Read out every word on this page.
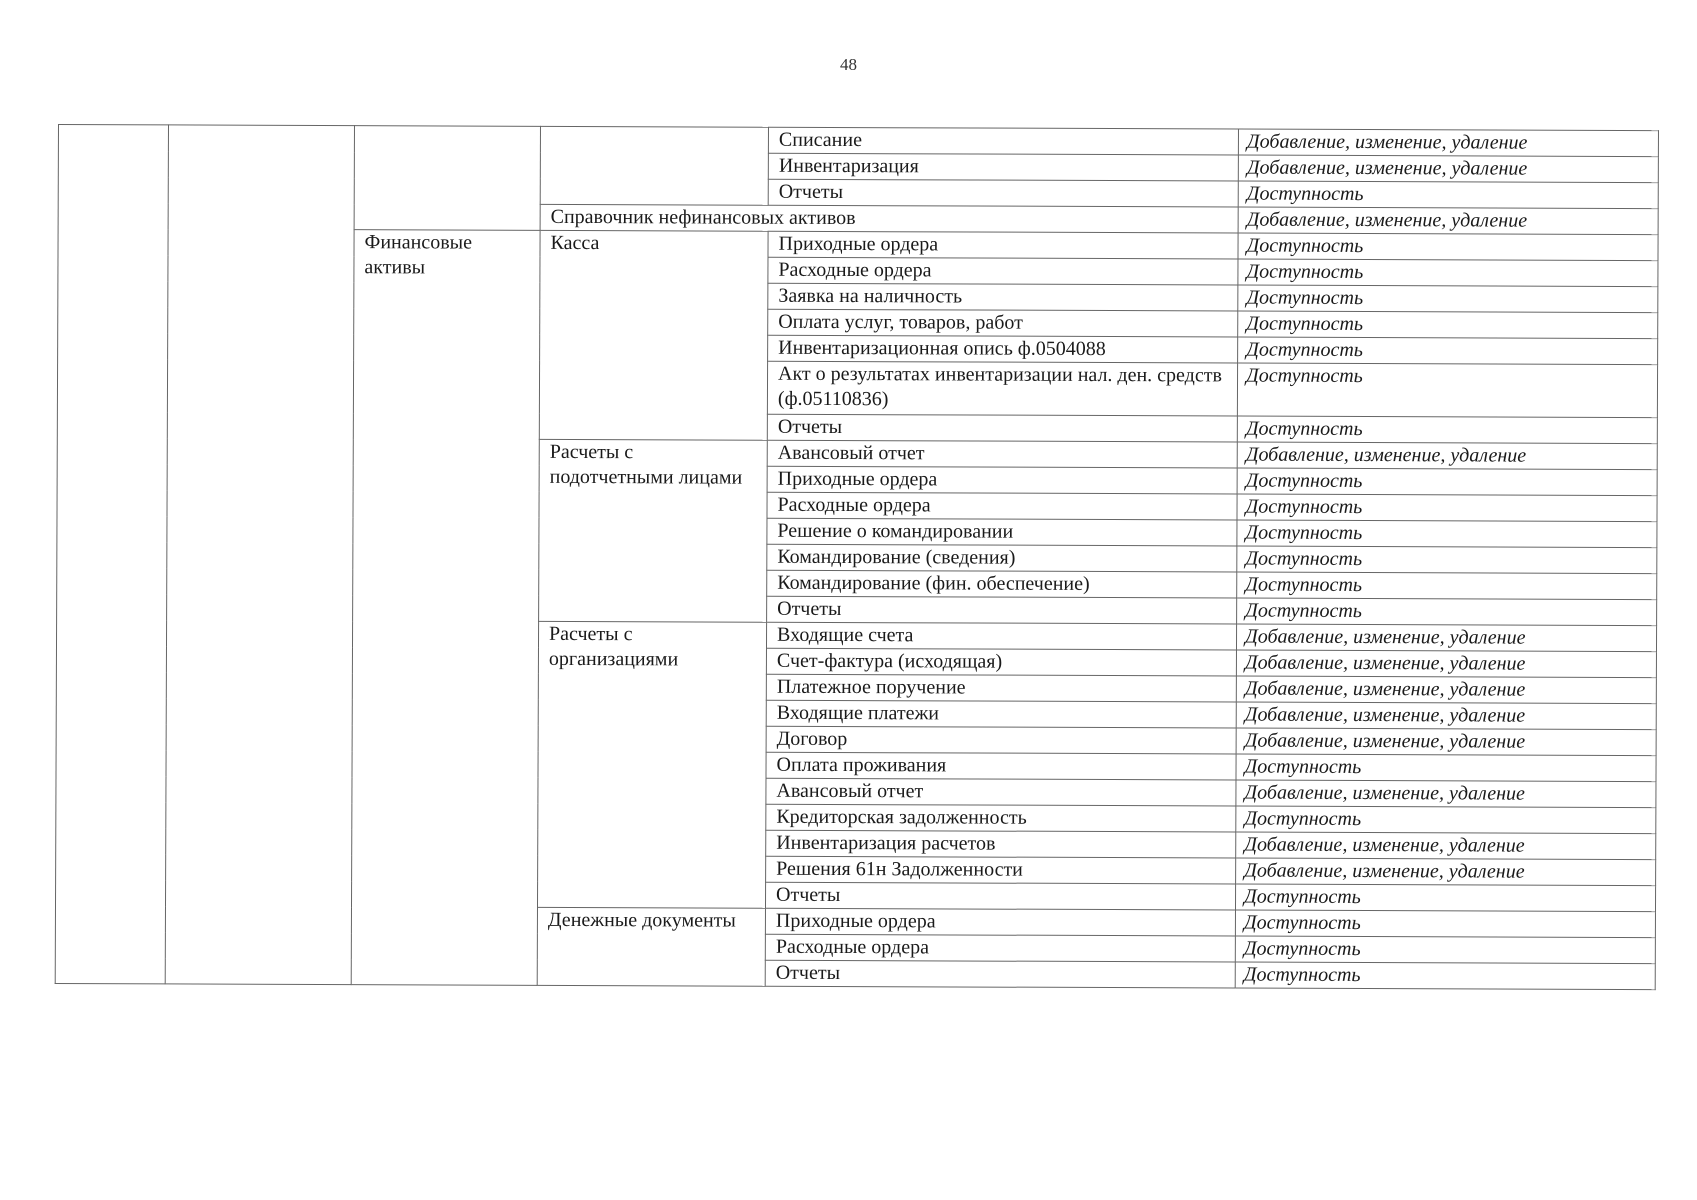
48
				Списание	Добавление, изменение, удаление
				Инвентаризация	Добавление, изменение, удаление
				Отчеты	Доступность
			Справочник нефинансовых активов		Добавление, изменение, удаление
		Финансовые активы	Касса	Приходные ордера	Доступность
				Расходные ордера	Доступность
				Заявка на наличность	Доступность
				Оплата услуг, товаров, работ	Доступность
				Инвентаризационная опись ф.0504088	Доступность
				Акт о результатах инвентаризации нал. ден. средств (ф.05110836)	Доступность
				Отчеты	Доступность
			Расчеты с подотчетными лицами	Авансовый отчет	Добавление, изменение, удаление
				Приходные ордера	Доступность
				Расходные ордера	Доступность
				Решение о командировании	Доступность
				Командирование (сведения)	Доступность
				Командирование (фин. обеспечение)	Доступность
				Отчеты	Доступность
			Расчеты с организациями	Входящие счета	Добавление, изменение, удаление
				Счет-фактура (исходящая)	Добавление, изменение, удаление
				Платежное поручение	Добавление, изменение, удаление
				Входящие платежи	Добавление, изменение, удаление
				Договор	Добавление, изменение, удаление
				Оплата проживания	Доступность
				Авансовый отчет	Добавление, изменение, удаление
				Кредиторская задолженность	Доступность
				Инвентаризация расчетов	Добавление, изменение, удаление
				Решения 61н Задолженности	Добавление, изменение, удаление
				Отчеты	Доступность
			Денежные документы	Приходные ордера	Доступность
				Расходные ордера	Доступность
				Отчеты	Доступность
